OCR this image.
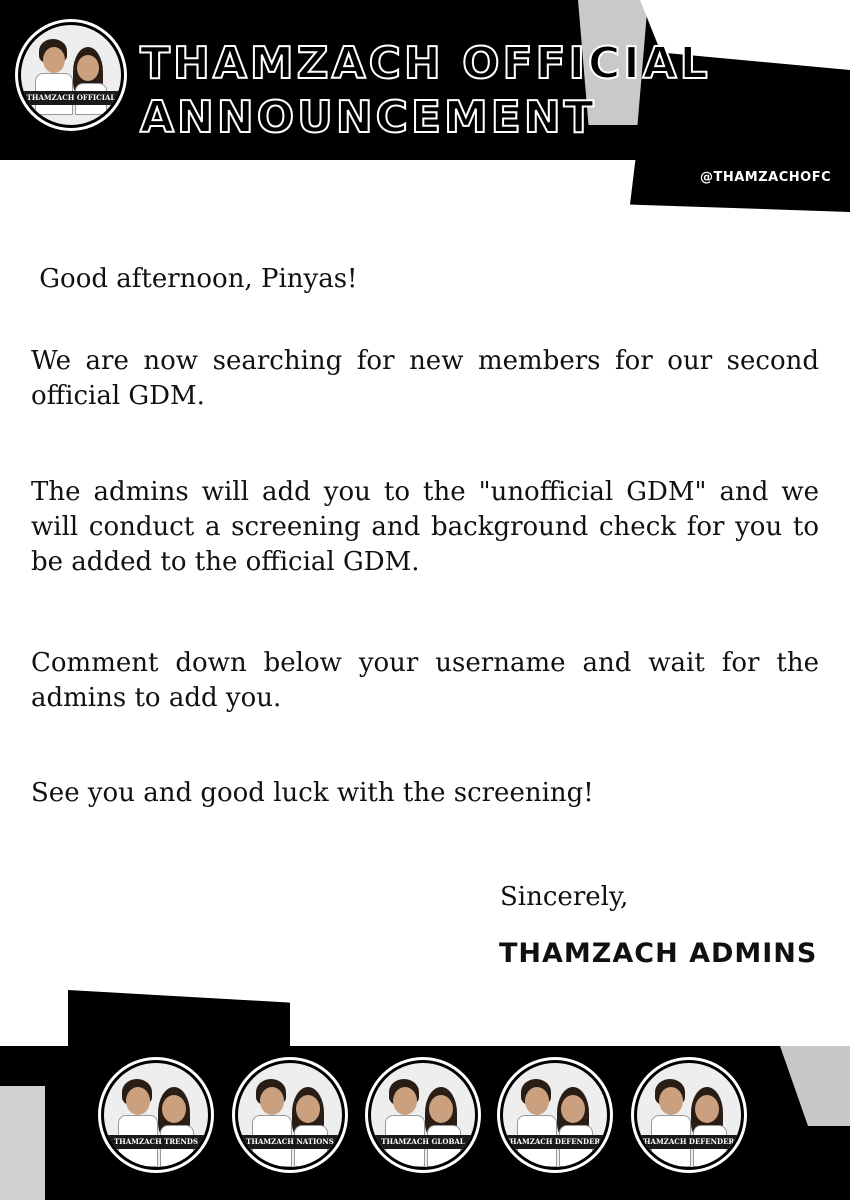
THAMZACH OFFICIAL
THAMZACH OFFICIAL
ANNOUNCEMENT
@THAMZACHOFC
Good afternoon, Pinyas!
We are now searching for new members for our second official GDM.
The admins will add you to the "unofficial GDM" and we will conduct a screening and background check for you to be added to the official GDM.
Comment down below your username and wait for the admins to add you.
See you and good luck with the screening!
Sincerely,
THAMZACH ADMINS
THAMZACH TRENDS	THAMZACH NATIONS	THAMZACH GLOBAL	THAMZACH DEFENDERS	THAMZACH DEFENDERS
